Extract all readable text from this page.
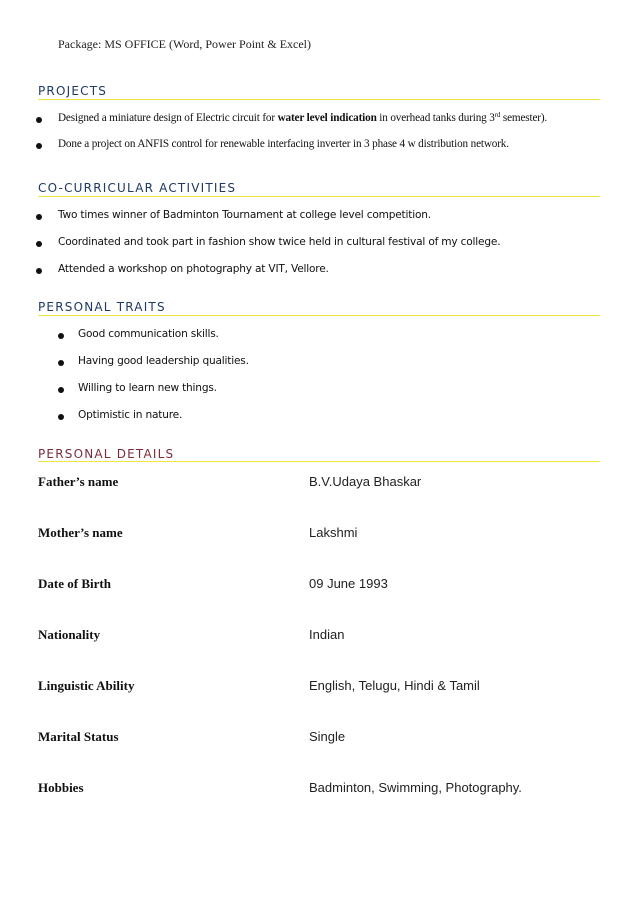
Package: MS OFFICE (Word, Power Point & Excel)
PROJECTS
Designed a miniature design of Electric circuit for water level indication in overhead tanks during 3rd semester).
Done a project on ANFIS control for renewable interfacing inverter in 3 phase 4 w distribution network.
CO-CURRICULAR ACTIVITIES
Two times winner of Badminton Tournament at college level competition.
Coordinated and took part in fashion show twice held in cultural festival of my college.
Attended a workshop on photography at VIT, Vellore.
PERSONAL TRAITS
Good communication skills.
Having good leadership qualities.
Willing to learn new things.
Optimistic in nature.
PERSONAL DETAILS
Father’s name	B.V.Udaya Bhaskar
Mother’s name	Lakshmi
Date of Birth	09 June 1993
Nationality	Indian
Linguistic Ability	English, Telugu, Hindi & Tamil
Marital Status	Single
Hobbies	Badminton, Swimming, Photography.
